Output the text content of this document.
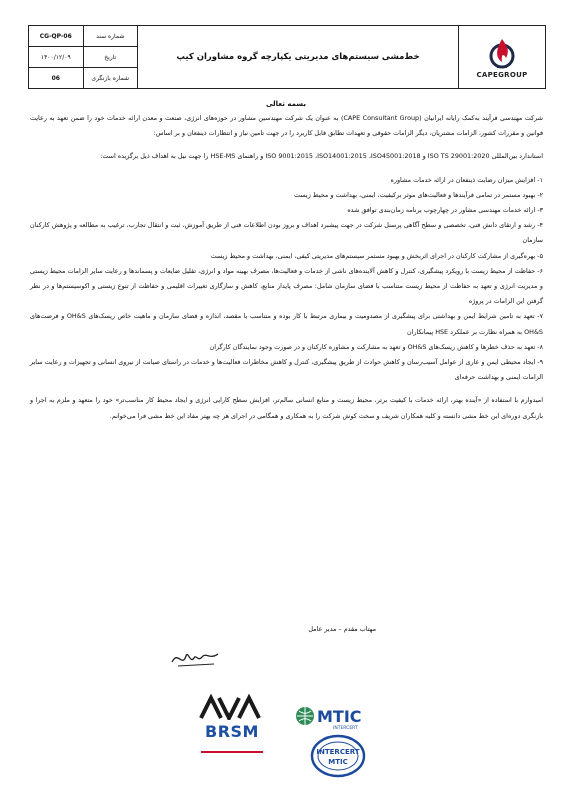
CG-QP-06	شماره سند
۱۴۰۰/۱۲/۰۹	تاریخ
06	شماره بازنگری
خط‌مشی سیستم‌های مدیریتی یکپارچه گروه مشاوران کیپ
CAPEGROUP
بسمه تعالی

شرکت مهندسی فرآیند به‌کمک رایانه ایرانیان (CAPE Consultant Group) به عنوان یک شرکت مهندسین مشاور در حوزه‌های انرژی، صنعت و معدن ارائه خدمات خود را ضمن تعهد به رعایت قوانین و مقررات کشور، الزامات مشتریان، دیگر الزامات حقوقی و تعهدات تطابق قابل کاربرد را در جهت تامین نیاز و انتظارات ذینفعان و بر اساس:

استاندارد بین‌المللی ISO TS 29001:2020 و ISO 9001:2015 ،ISO14001:2015 ،ISO45001:2018 و راهنمای HSE-MS را جهت نیل به اهداف ذیل برگزیده است:

۱- افزایش میزان رضایت ذینفعان در ارائه خدمات مشاوره

۲- بهبود مستمر در تمامی فرآیندها و فعالیت‌های موثر برکیفیت، ایمنی، بهداشت و محیط زیست

۳- ارائه خدمات مهندسی مشاور در چهارچوب برنامه زمان‌بندی توافق شده

۴- رشد و ارتقای دانش فنی، تخصصی و سطح آگاهی پرسنل شرکت در جهت پیشبرد اهداف و بروز بودن اطلاعات فنی از طریق آموزش، ثبت و انتقال تجارب، ترغیب به مطالعه و پژوهش کارکنان سازمان

۵- بهره‌گیری از مشارکت کارکنان در اجرای اثربخش و بهبود مستمر سیستم‌های مدیریتی کیفی، ایمنی، بهداشت و محیط زیست

۶- حفاظت از محیط زیست با رویکرد پیشگیری، کنترل و کاهش آلاینده‌های ناشی از خدمات و فعالیت‌ها، مصرف بهینه مواد و انرژی، تقلیل ضایعات و پسماندها و رعایت سایر الزامات محیط زیستی و مدیریت انرژی و تعهد به حفاظت از محیط زیست متناسب با فضای سازمان شامل: مصرف پایدار منابع، کاهش و سازگاری تغییرات اقلیمی و حفاظت از تنوع زیستی و اکوسیستم‌ها و در نظر گرفتن این الزامات در پروژه

۷- تعهد به تامین شرایط ایمن و بهداشتی برای پیشگیری از مصدومیت و بیماری مرتبط با کار بوده و متناسب با مقصد، اندازه و فضای سازمان و ماهیت خاص ریسک‌های OH&S و فرصت‌های OH&S به همراه نظارت بر عملکرد HSE پیمانکاران

۸- تعهد به حذف خطرها و کاهش ریسک‌های OH&S و تعهد به مشارکت و مشاوره کارکنان و در صورت وجود نمایندگان کارگران

۹- ایجاد محیطی ایمن و عاری از عوامل آسیب‌رسان و کاهش حوادث از طریق پیشگیری، کنترل و کاهش مخاطرات فعالیت‌ها و خدمات در راستای صیانت از نیروی انسانی و تجهیزات و رعایت سایر الزامات ایمنی و بهداشت حرفه‌ای

امیدوارم با استفاده از «آینده بهتر، ارائه خدمات با کیفیت برتر، محیط زیست و منابع انسانی سالم‌تر، افزایش سطح کارایی انرژی و ایجاد محیط کار مناسب‌تر» خود را متعهد و ملزم به اجرا و بازنگری دوره‌ای این خط مشی دانسته و کلیه همکاران شریف و سخت کوش شرکت را به همکاری و همگامی در اجرای هر چه بهتر مفاد این خط مشی فرا می‌خوانم.

مهتاب مقدم – مدیر عامل
BRSM
MTIC
INTERCERT
INTERCERT
MTIC
